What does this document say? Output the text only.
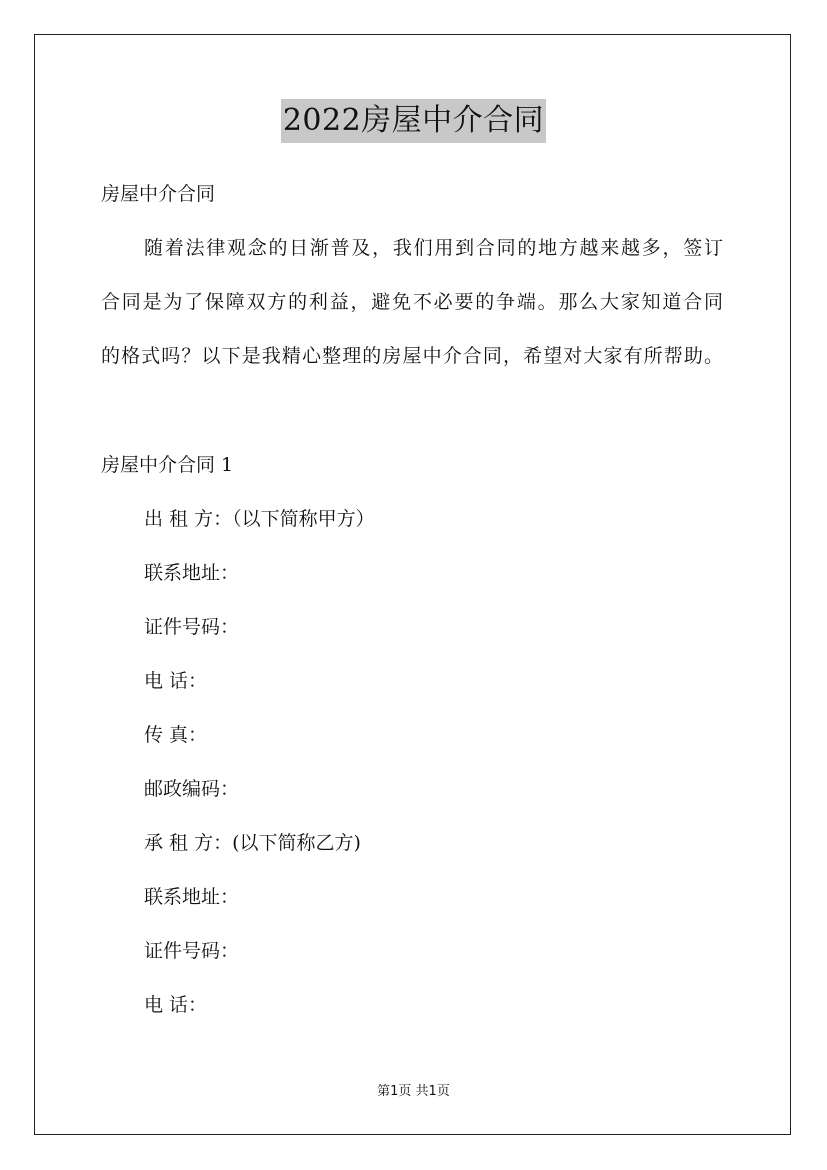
2022房屋中介合同
房屋中介合同
随着法律观念的日渐普及，我们用到合同的地方越来越多，签订
合同是为了保障双方的利益，避免不必要的争端。那么大家知道合同
的格式吗？以下是我精心整理的房屋中介合同，希望对大家有所帮助。
房屋中介合同 1
出 租 方：（以下简称甲方）
联系地址：
证件号码：
电 话：
传 真：
邮政编码：
承 租 方：(以下简称乙方)
联系地址：
证件号码：
电 话：
第1页 共1页
